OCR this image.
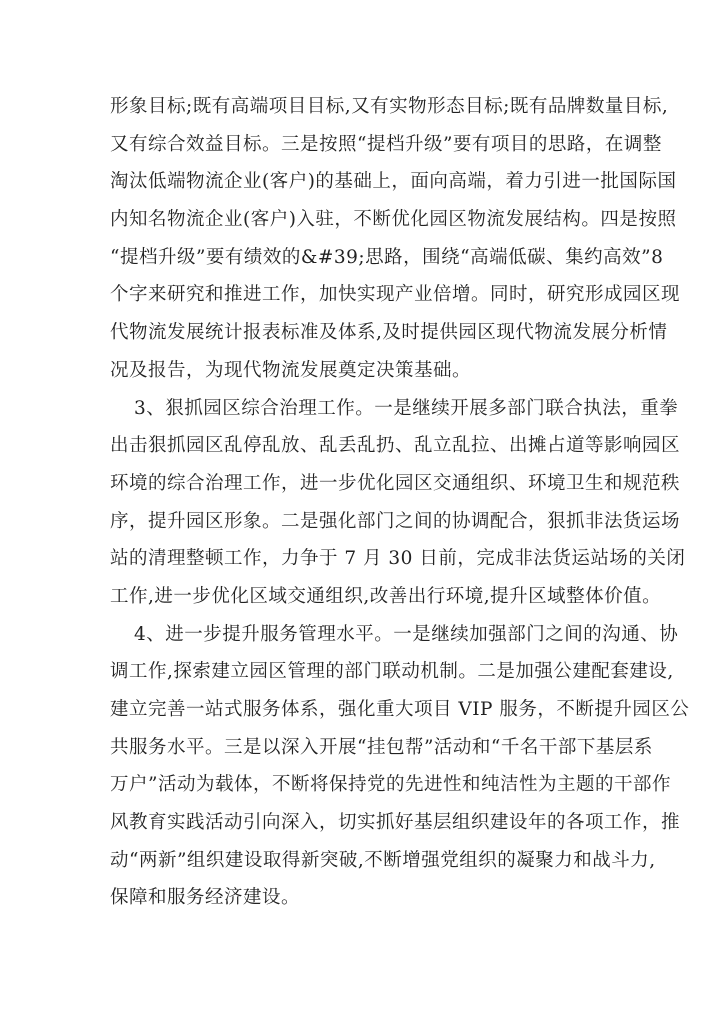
形象目标;既有高端项目目标,又有实物形态目标;既有品牌数量目标,
又有综合效益目标。三是按照“提档升级”要有项目的思路，在调整
淘汰低端物流企业(客户)的基础上，面向高端，着力引进一批国际国
内知名物流企业(客户)入驻，不断优化园区物流发展结构。四是按照
“提档升级”要有绩效的&#39;思路，围绕“高端低碳、集约高效”8
个字来研究和推进工作，加快实现产业倍增。同时，研究形成园区现
代物流发展统计报表标准及体系,及时提供园区现代物流发展分析情
况及报告，为现代物流发展奠定决策基础。
3、狠抓园区综合治理工作。一是继续开展多部门联合执法，重拳
出击狠抓园区乱停乱放、乱丢乱扔、乱立乱拉、出摊占道等影响园区
环境的综合治理工作，进一步优化园区交通组织、环境卫生和规范秩
序，提升园区形象。二是强化部门之间的协调配合，狠抓非法货运场
站的清理整顿工作，力争于 7 月 30 日前，完成非法货运站场的关闭
工作,进一步优化区域交通组织,改善出行环境,提升区域整体价值。
4、进一步提升服务管理水平。一是继续加强部门之间的沟通、协
调工作,探索建立园区管理的部门联动机制。二是加强公建配套建设,
建立完善一站式服务体系，强化重大项目 VIP 服务，不断提升园区公
共服务水平。三是以深入开展“挂包帮”活动和“千名干部下基层系
万户”活动为载体，不断将保持党的先进性和纯洁性为主题的干部作
风教育实践活动引向深入，切实抓好基层组织建设年的各项工作，推
动“两新”组织建设取得新突破,不断增强党组织的凝聚力和战斗力,
保障和服务经济建设。
